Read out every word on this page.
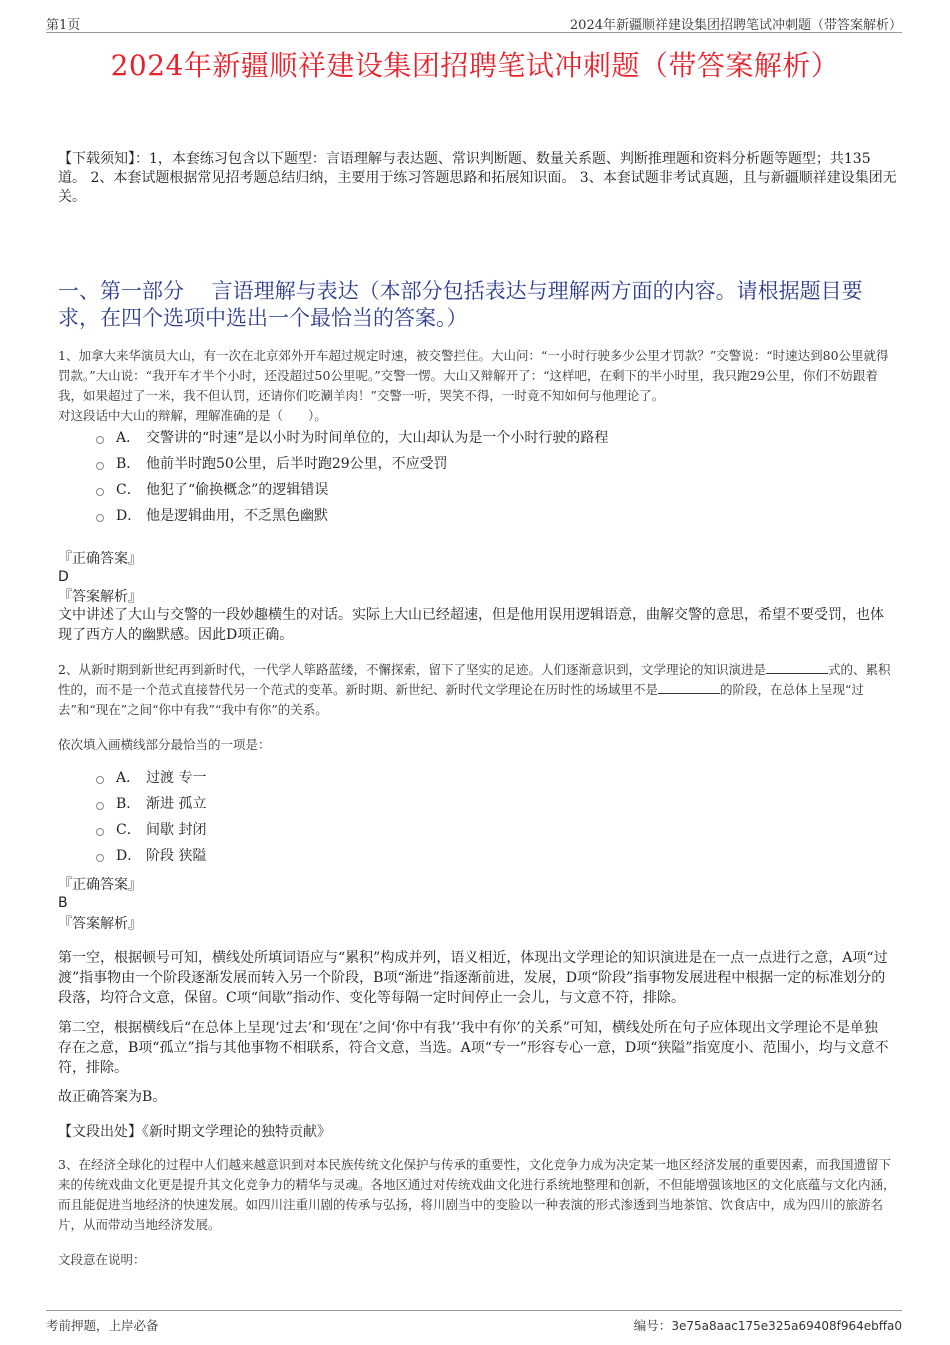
第1页	2024年新疆顺祥建设集团招聘笔试冲刺题（带答案解析）
2024年新疆顺祥建设集团招聘笔试冲刺题（带答案解析）
【下载须知】：1，本套练习包含以下题型：言语理解与表达题、常识判断题、数量关系题、判断推理题和资料分析题等题型；共135道。 2、本套试题根据常见招考题总结归纳，主要用于练习答题思路和拓展知识面。 3、本套试题非考试真题，且与新疆顺祥建设集团无关。
一、第一部分　 言语理解与表达（本部分包括表达与理解两方面的内容。请根据题目要求，在四个选项中选出一个最恰当的答案。）
1、加拿大来华演员大山，有一次在北京郊外开车超过规定时速，被交警拦住。大山问：“一小时行驶多少公里才罚款？”交警说：“时速达到80公里就得罚款。”大山说：“我开车才半个小时，还没超过50公里呢。”交警一愣。大山又辩解开了：“这样吧，在剩下的半小时里，我只跑29公里，你们不妨跟着我，如果超过了一米，我不但认罚，还请你们吃涮羊肉！”交警一听，哭笑不得，一时竟不知如何与他理论了。
对这段话中大山的辩解，理解准确的是（　　）。
A． 交警讲的“时速”是以小时为时间单位的，大山却认为是一个小时行驶的路程
B． 他前半时跑50公里，后半时跑29公里，不应受罚
C． 他犯了“偷换概念”的逻辑错误
D． 他是逻辑曲用，不乏黑色幽默
『正确答案』
D
『答案解析』
文中讲述了大山与交警的一段妙趣横生的对话。实际上大山已经超速，但是他用误用逻辑语意，曲解交警的意思，希望不要受罚，也体现了西方人的幽默感。因此D项正确。
2、从新时期到新世纪再到新时代，一代学人筚路蓝缕，不懈探索，留下了坚实的足迹。人们逐渐意识到，文学理论的知识演进是	式的、累积性的，而不是一个范式直接替代另一个范式的变革。新时期、新世纪、新时代文学理论在历时性的场域里不是	的阶段，在总体上呈现“过去”和“现在”之间“你中有我”“我中有你”的关系。
依次填入画横线部分最恰当的一项是：
A． 过渡 专一
B． 渐进 孤立
C． 间歇 封闭
D． 阶段 狭隘
『正确答案』
B
『答案解析』
第一空，根据顿号可知，横线处所填词语应与“累积”构成并列，语义相近，体现出文学理论的知识演进是在一点一点进行之意，A项“过渡”指事物由一个阶段逐渐发展而转入另一个阶段，B项“渐进”指逐渐前进，发展，D项“阶段”指事物发展进程中根据一定的标准划分的段落，均符合文意，保留。C项“间歇”指动作、变化等每隔一定时间停止一会儿，与文意不符，排除。
第二空，根据横线后“在总体上呈现‘过去’和‘现在’之间‘你中有我’‘我中有你’的关系”可知，横线处所在句子应体现出文学理论不是单独存在之意，B项“孤立”指与其他事物不相联系，符合文意，当选。A项“专一”形容专心一意，D项“狭隘”指宽度小、范围小，均与文意不符，排除。
故正确答案为B。
【文段出处】《新时期文学理论的独特贡献》
3、在经济全球化的过程中人们越来越意识到对本民族传统文化保护与传承的重要性，文化竞争力成为决定某一地区经济发展的重要因素，而我国遗留下来的传统戏曲文化更是提升其文化竞争力的精华与灵魂。各地区通过对传统戏曲文化进行系统地整理和创新，不但能增强该地区的文化底蕴与文化内涵，而且能促进当地经济的快速发展。如四川注重川剧的传承与弘扬，将川剧当中的变脸以一种表演的形式渗透到当地茶馆、饮食店中，成为四川的旅游名片，从而带动当地经济发展。
文段意在说明：
考前押题，上岸必备	编号：3e75a8aac175e325a69408f964ebffa0
